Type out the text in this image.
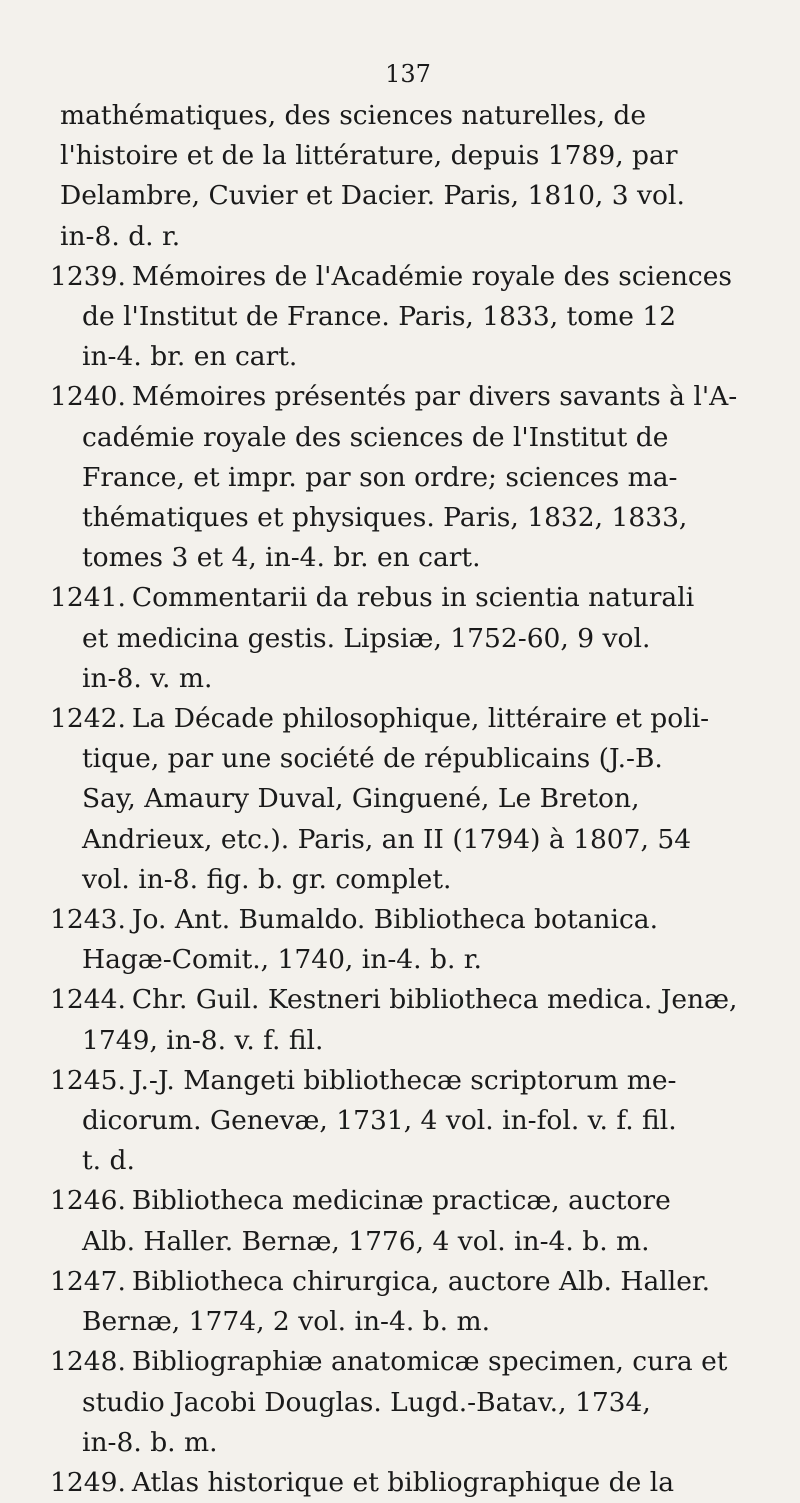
137
mathématiques, des sciences naturelles, de
l'histoire et de la littérature, depuis 1789, par
Delambre, Cuvier et Dacier. Paris, 1810, 3 vol.
in-8. d. r.
1239. Mémoires de l'Académie royale des sciences
de l'Institut de France. Paris, 1833, tome 12
in-4. br. en cart.
1240. Mémoires présentés par divers savants à l'A-
cadémie royale des sciences de l'Institut de
France, et impr. par son ordre; sciences ma-
thématiques et physiques. Paris, 1832, 1833,
tomes 3 et 4, in-4. br. en cart.
1241. Commentarii da rebus in scientia naturali
et medicina gestis. Lipsiæ, 1752-60, 9 vol.
in-8. v. m.
1242. La Décade philosophique, littéraire et poli-
tique, par une société de républicains (J.-B.
Say, Amaury Duval, Ginguené, Le Breton,
Andrieux, etc.). Paris, an II (1794) à 1807, 54
vol. in-8. fig. b. gr. complet.
1243. Jo. Ant. Bumaldo. Bibliotheca botanica.
Hagæ-Comit., 1740, in-4. b. r.
1244. Chr. Guil. Kestneri bibliotheca medica. Jenæ,
1749, in-8. v. f. fil.
1245. J.-J. Mangeti bibliothecæ scriptorum me-
dicorum. Genevæ, 1731, 4 vol. in-fol. v. f. fil.
t. d.
1246. Bibliotheca medicinæ practicæ, auctore
Alb. Haller. Bernæ, 1776, 4 vol. in-4. b. m.
1247. Bibliotheca chirurgica, auctore Alb. Haller.
Bernæ, 1774, 2 vol. in-4. b. m.
1248. Bibliographiæ anatomicæ specimen, cura et
studio Jacobi Douglas. Lugd.-Batav., 1734,
in-8. b. m.
1249. Atlas historique et bibliographique de la
